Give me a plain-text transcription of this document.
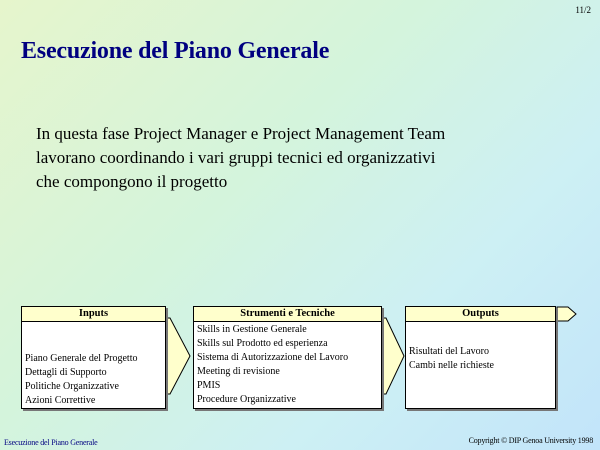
11/2
Esecuzione del Piano Generale
In questa fase Project Manager e Project Management Team
lavorano coordinando i vari gruppi tecnici ed organizzativi
che compongono il progetto
Inputs
Piano Generale del Progetto
Dettagli di Supporto
Politiche Organizzative
Azioni Correttive
Strumenti e Tecniche
Skills in Gestione Generale
Skills sul Prodotto ed esperienza
Sistema di Autorizzazione del Lavoro
Meeting di revisione
PMIS
Procedure Organizzative
Outputs
Risultati del Lavoro
Cambi nelle richieste
Esecuzione del Piano Generale	Copyright © DIP Genoa University 1998
